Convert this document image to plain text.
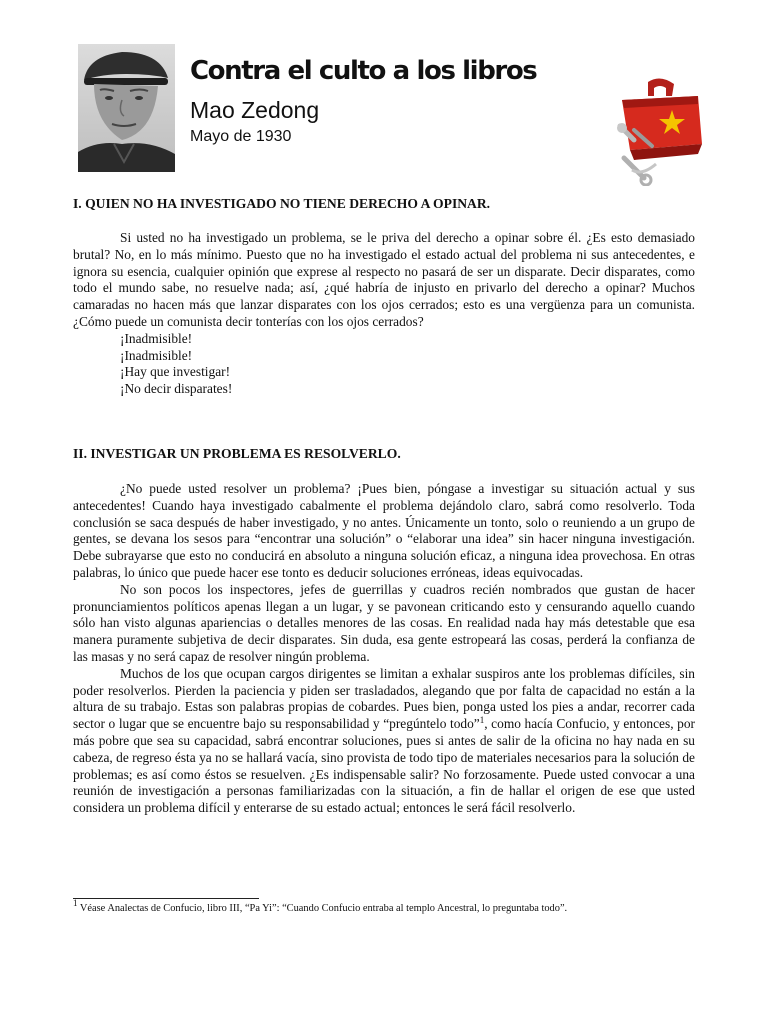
Contra el culto a los libros
Mao Zedong
Mayo de 1930
I. QUIEN NO HA INVESTIGADO NO TIENE DERECHO A OPINAR.

Si usted no ha investigado un problema, se le priva del derecho a opinar sobre él. ¿Es esto demasiado brutal? No, en lo más mínimo. Puesto que no ha investigado el estado actual del problema ni sus antecedentes, e ignora su esencia, cualquier opinión que exprese al respecto no pasará de ser un disparate. Decir disparates, como todo el mundo sabe, no resuelve nada; así, ¿qué habría de injusto en privarlo del derecho a opinar? Muchos camaradas no hacen más que lanzar disparates con los ojos cerrados; esto es una vergüenza para un comunista. ¿Cómo puede un comunista decir tonterías con los ojos cerrados?

¡Inadmisible!
¡Inadmisible!
¡Hay que investigar!
¡No decir disparates!
II. INVESTIGAR UN PROBLEMA ES RESOLVERLO.

¿No puede usted resolver un problema? ¡Pues bien, póngase a investigar su situación actual y sus antecedentes! Cuando haya investigado cabalmente el problema dejándolo claro, sabrá como resolverlo. Toda conclusión se saca después de haber investigado, y no antes. Únicamente un tonto, solo o reuniendo a un grupo de gentes, se devana los sesos para “encontrar una solución” o “elaborar una idea” sin hacer ninguna investigación. Debe subrayarse que esto no conducirá en absoluto a ninguna solución eficaz, a ninguna idea provechosa. En otras palabras, lo único que puede hacer ese tonto es deducir soluciones erróneas, ideas equivocadas.

No son pocos los inspectores, jefes de guerrillas y cuadros recién nombrados que gustan de hacer pronunciamientos políticos apenas llegan a un lugar, y se pavonean criticando esto y censurando aquello cuando sólo han visto algunas apariencias o detalles menores de las cosas. En realidad nada hay más detestable que esa manera puramente subjetiva de decir disparates. Sin duda, esa gente estropeará las cosas, perderá la confianza de las masas y no será capaz de resolver ningún problema.

Muchos de los que ocupan cargos dirigentes se limitan a exhalar suspiros ante los problemas difíciles, sin poder resolverlos. Pierden la paciencia y piden ser trasladados, alegando que por falta de capacidad no están a la altura de su trabajo. Estas son palabras propias de cobardes. Pues bien, ponga usted los pies a andar, recorrer cada sector o lugar que se encuentre bajo su responsabilidad y “pregúntelo todo”$^1$, como hacía Confucio, y entonces, por más pobre que sea su capacidad, sabrá encontrar soluciones, pues si antes de salir de la oficina no hay nada en su cabeza, de regreso ésta ya no se hallará vacía, sino provista de todo tipo de materiales necesarios para la solución de problemas; es así como éstos se resuelven. ¿Es indispensable salir? No forzosamente. Puede usted convocar a una reunión de investigación a personas familiarizadas con la situación, a fin de hallar el origen de ese que usted considera un problema difícil y enterarse de su estado actual; entonces le será fácil resolverlo.

$^1$ Véase Analectas de Confucio, libro III, “Pa Yi”: “Cuando Confucio entraba al templo Ancestral, lo preguntaba todo”.
